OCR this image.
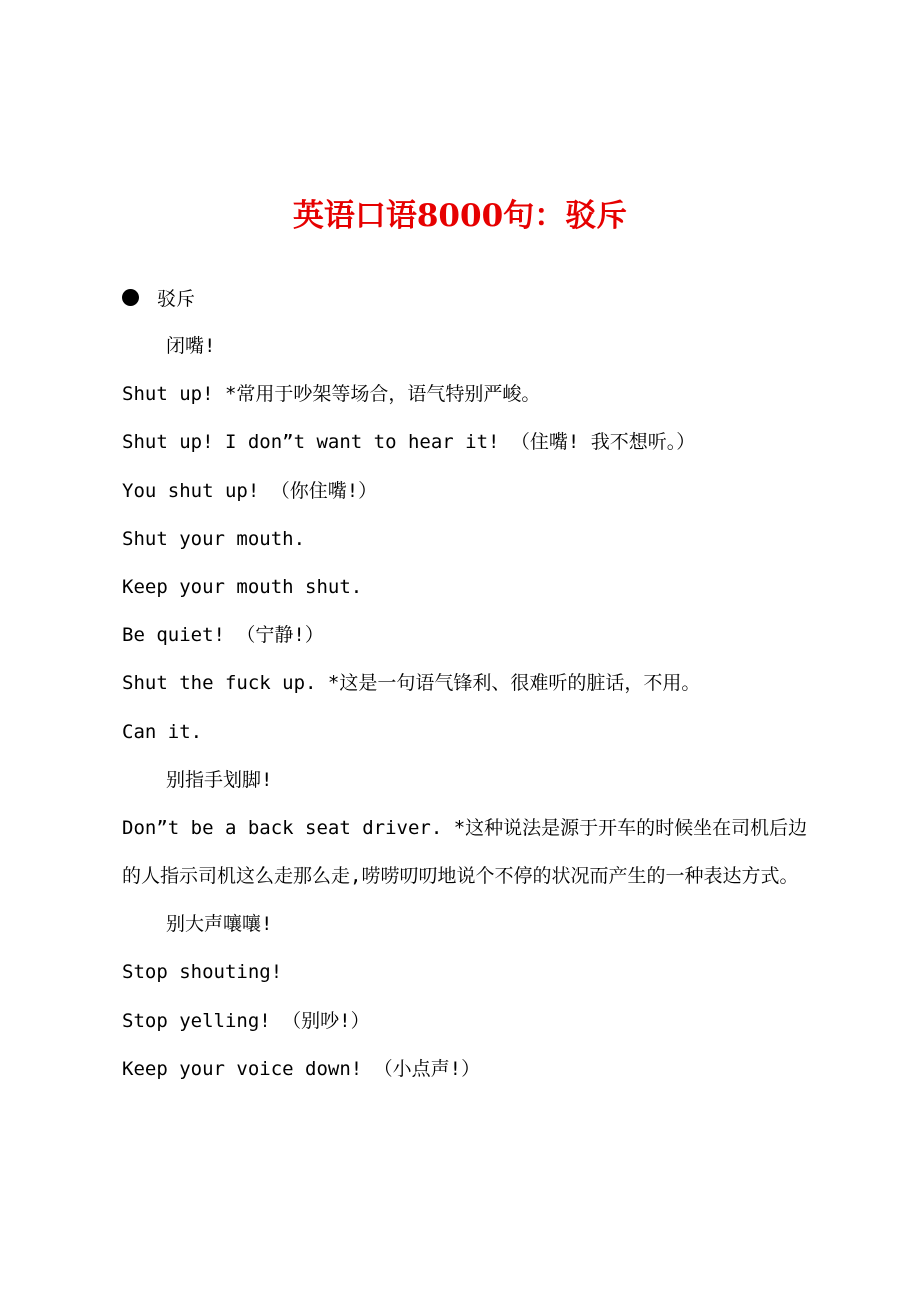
英语口语8000句：驳斥
驳斥
闭嘴!
Shut up! *常用于吵架等场合，语气特别严峻。
Shut up! I don”t want to hear it! （住嘴! 我不想听。）
You shut up! （你住嘴!）
Shut your mouth.
Keep your mouth shut.
Be quiet! （宁静!）
Shut the fuck up. *这是一句语气锋利、很难听的脏话，不用。
Can it.
别指手划脚!
Don”t be a back seat driver. *这种说法是源于开车的时候坐在司机后边的人指示司机这么走那么走,唠唠叨叨地说个不停的状况而产生的一种表达方式。
别大声嚷嚷!
Stop shouting!
Stop yelling! （别吵!）
Keep your voice down! （小点声!）
